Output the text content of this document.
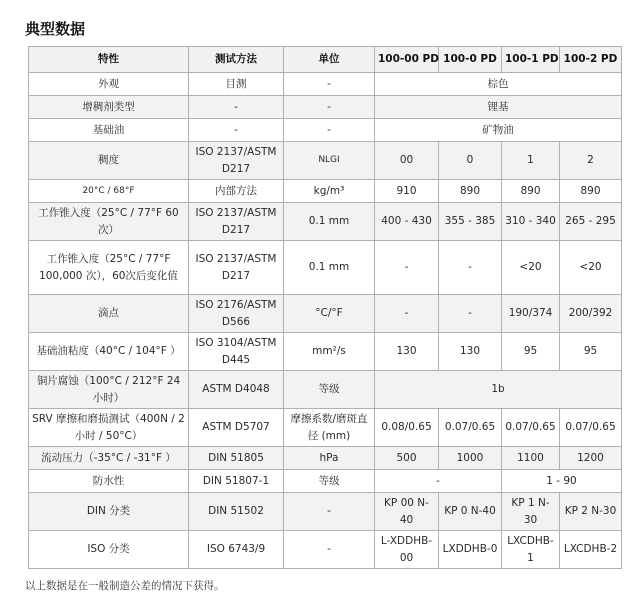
典型数据
特性	测试方法	单位	100-00 PD	100-0 PD	100-1 PD	100-2 PD
外观	目测	-	棕色			
增稠剂类型	-	-	锂基			
基础油	-	-	矿物油			
稠度	ISO 2137/ASTM D217	NLGI	00	0	1	2
20°C / 68°F	内部方法	kg/m³	910	890	890	890
工作锥入度（25°C / 77°F 60次）	ISO 2137/ASTM D217	0.1 mm	400 - 430	355 - 385	310 - 340	265 - 295
工作锥入度（25°C / 77°F 100,000 次），60次后变化值	ISO 2137/ASTM D217	0.1 mm	-	-	<20	<20
滴点	ISO 2176/ASTM D566	°C/°F	-	-	190/374	200/392
基础油粘度（40°C / 104°F ）	ISO 3104/ASTM D445	mm²/s	130	130	95	95
铜片腐蚀（100°C / 212°F 24小时）	ASTM D4048	等级	1b			
SRV 摩擦和磨损测试（400N / 2 小时 / 50°C）	ASTM D5707	摩擦系数/磨斑直径 (mm)	0.08/0.65	0.07/0.65	0.07/0.65	0.07/0.65
流动压力（-35°C / -31°F ）	DIN 51805	hPa	500	1000	1100	1200
防水性	DIN 51807-1	等级	-		1 - 90	
DIN 分类	DIN 51502	-	KP 00 N-40	KP 0 N-40	KP 1 N-30	KP 2 N-30
ISO 分类	ISO 6743/9	-	L-XDDHB-00	LXDDHB-0	LXCDHB-1	LXCDHB-2
以上数据是在一般制造公差的情况下获得。
